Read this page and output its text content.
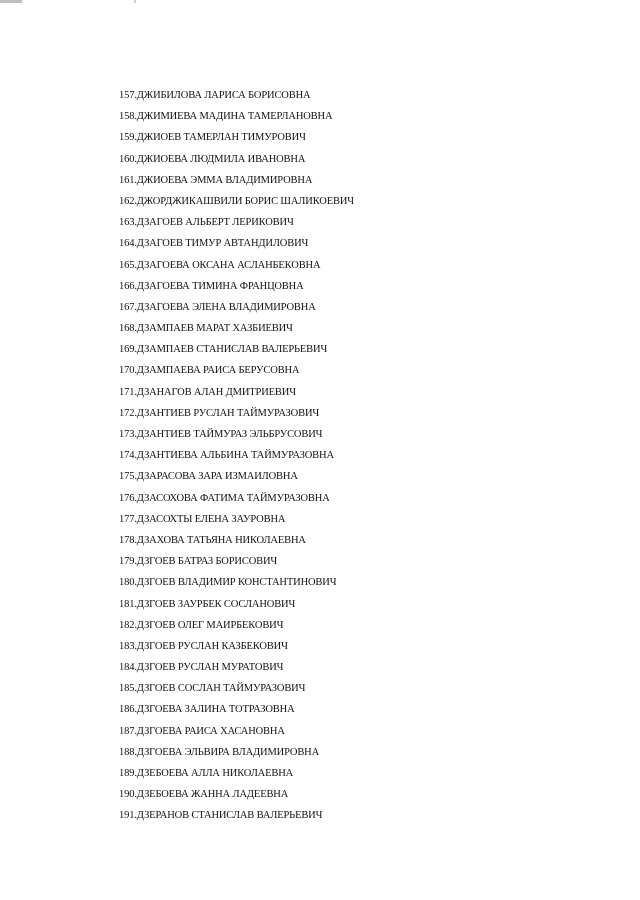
157.ДЖИБИЛОВА ЛАРИСА БОРИСОВНА
158.ДЖИМИЕВА МАДИНА ТАМЕРЛАНОВНА
159.ДЖИОЕВ ТАМЕРЛАН ТИМУРОВИЧ
160.ДЖИОЕВА ЛЮДМИЛА ИВАНОВНА
161.ДЖИОЕВА ЭММА ВЛАДИМИРОВНА
162.ДЖОРДЖИКАШВИЛИ БОРИС ШАЛИКОЕВИЧ
163.ДЗАГОЕВ АЛЬБЕРТ ЛЕРИКОВИЧ
164.ДЗАГОЕВ ТИМУР АВТАНДИЛОВИЧ
165.ДЗАГОЕВА ОКСАНА АСЛАНБЕКОВНА
166.ДЗАГОЕВА ТИМИНА ФРАНЦОВНА
167.ДЗАГОЕВА ЭЛЕНА ВЛАДИМИРОВНА
168.ДЗАМПАЕВ МАРАТ ХАЗБИЕВИЧ
169.ДЗАМПАЕВ СТАНИСЛАВ ВАЛЕРЬЕВИЧ
170.ДЗАМПАЕВА РАИСА БЕРУСОВНА
171.ДЗАНАГОВ АЛАН ДМИТРИЕВИЧ
172.ДЗАНТИЕВ РУСЛАН ТАЙМУРАЗОВИЧ
173.ДЗАНТИЕВ ТАЙМУРАЗ ЭЛЬБРУСОВИЧ
174.ДЗАНТИЕВА АЛЬБИНА ТАЙМУРАЗОВНА
175.ДЗАРАСОВА ЗАРА ИЗМАИЛОВНА
176.ДЗАСОХОВА ФАТИМА ТАЙМУРАЗОВНА
177.ДЗАСОХТЫ ЕЛЕНА ЗАУРОВНА
178.ДЗАХОВА ТАТЬЯНА НИКОЛАЕВНА
179.ДЗГОЕВ БАТРАЗ БОРИСОВИЧ
180.ДЗГОЕВ ВЛАДИМИР КОНСТАНТИНОВИЧ
181.ДЗГОЕВ ЗАУРБЕК СОСЛАНОВИЧ
182.ДЗГОЕВ ОЛЕГ МАИРБЕКОВИЧ
183.ДЗГОЕВ РУСЛАН КАЗБЕКОВИЧ
184.ДЗГОЕВ РУСЛАН МУРАТОВИЧ
185.ДЗГОЕВ СОСЛАН ТАЙМУРАЗОВИЧ
186.ДЗГОЕВА ЗАЛИНА ТОТРАЗОВНА
187.ДЗГОЕВА РАИСА ХАСАНОВНА
188.ДЗГОЕВА ЭЛЬВИРА ВЛАДИМИРОВНА
189.ДЗЕБОЕВА АЛЛА НИКОЛАЕВНА
190.ДЗЕБОЕВА ЖАННА ЛАДЕЕВНА
191.ДЗЕРАНОВ СТАНИСЛАВ ВАЛЕРЬЕВИЧ
